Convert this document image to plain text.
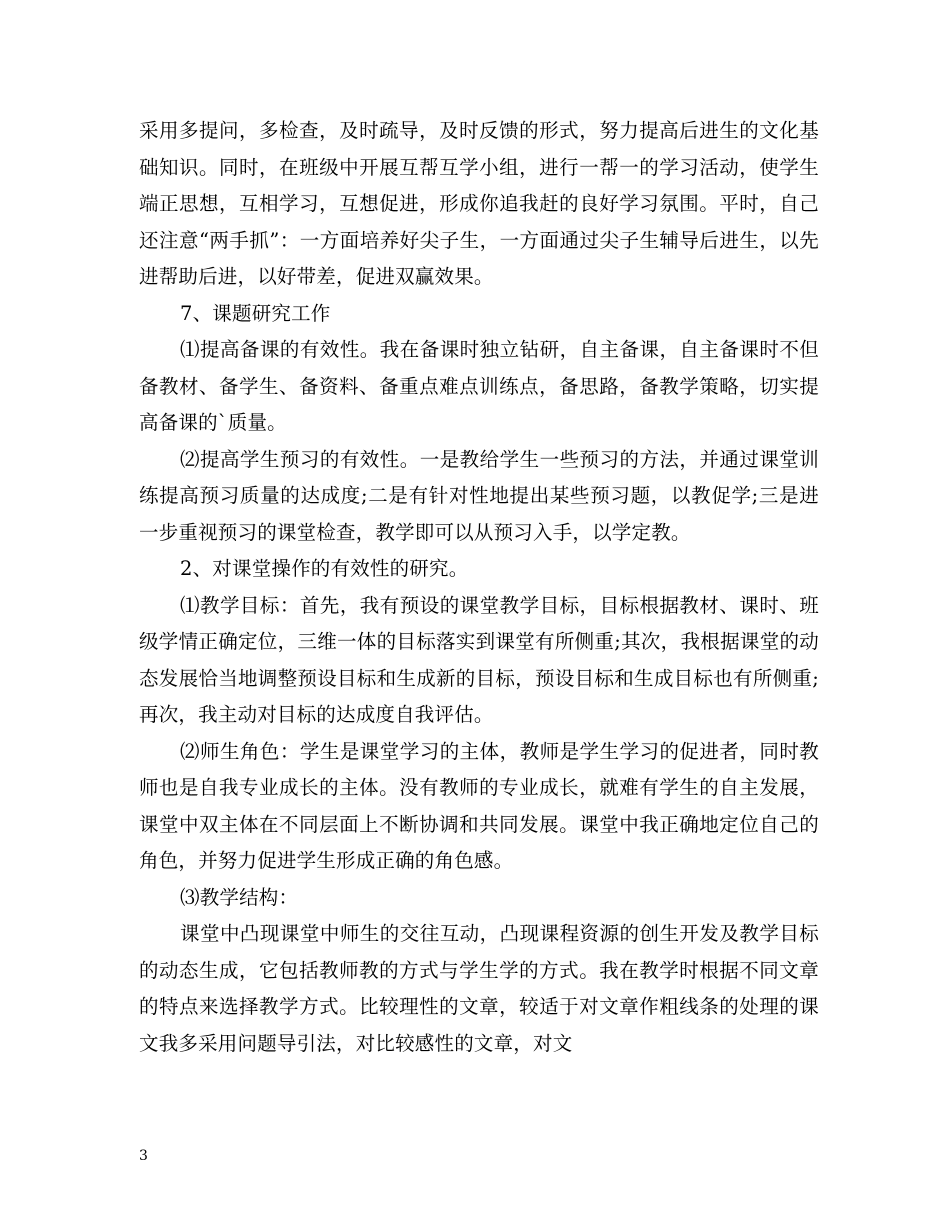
采用多提问，多检查，及时疏导，及时反馈的形式，努力提高后进生的文化基础知识。同时，在班级中开展互帮互学小组，进行一帮一的学习活动，使学生端正思想，互相学习，互想促进，形成你追我赶的良好学习氛围。平时，自己还注意“两手抓”：一方面培养好尖子生，一方面通过尖子生辅导后进生，以先进帮助后进，以好带差，促进双赢效果。

7、课题研究工作

⑴提高备课的有效性。我在备课时独立钻研，自主备课，自主备课时不但备教材、备学生、备资料、备重点难点训练点，备思路，备教学策略，切实提高备课的`质量。

⑵提高学生预习的有效性。一是教给学生一些预习的方法，并通过课堂训练提高预习质量的达成度;二是有针对性地提出某些预习题，以教促学;三是进一步重视预习的课堂检查，教学即可以从预习入手，以学定教。

2、对课堂操作的有效性的研究。

⑴教学目标：首先，我有预设的课堂教学目标，目标根据教材、课时、班级学情正确定位，三维一体的目标落实到课堂有所侧重;其次，我根据课堂的动态发展恰当地调整预设目标和生成新的目标，预设目标和生成目标也有所侧重;再次，我主动对目标的达成度自我评估。

⑵师生角色：学生是课堂学习的主体，教师是学生学习的促进者，同时教师也是自我专业成长的主体。没有教师的专业成长，就难有学生的自主发展，课堂中双主体在不同层面上不断协调和共同发展。课堂中我正确地定位自己的角色，并努力促进学生形成正确的角色感。

⑶教学结构：

课堂中凸现课堂中师生的交往互动，凸现课程资源的创生开发及教学目标的动态生成，它包括教师教的方式与学生学的方式。我在教学时根据不同文章的特点来选择教学方式。比较理性的文章，较适于对文章作粗线条的处理的课文我多采用问题导引法，对比较感性的文章，对文

3
